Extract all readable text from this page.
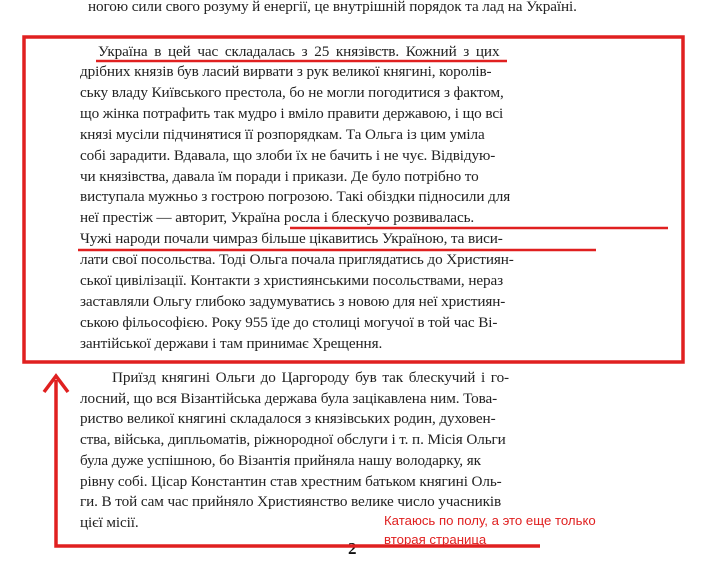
ногою сили свого розуму й енергії, це внутрішній порядок та лад на Україні.
Україна в цей час складалась з 25 князівств. Кожний з цих
дрібних князів був ласий вирвати з рук великої княгині, королів-
ську владу Київського престола, бо не могли погодитися з фактом,
що жінка потрафить так мудро і вміло правити державою, і що всі
князі мусіли підчинятися її розпорядкам. Та Ольга із цим уміла
собі зарадити. Вдавала, що злоби їх не бачить і не чує. Відвідую-
чи князівства, давала їм поради і прикази. Де було потрібно то
виступала мужньо з гострою погрозою. Такі обіздки підносили для
неї престіж — авторит, Україна росла і блескучо розвивалась.
Чужі народи почали чимраз більше цікавитись Україною, та виси-
лати свої посольства. Тоді Ольга почала приглядатись до Християн-
ської цивілізації. Контакти з християнськими посольствами, нераз
заставляли Ольгу глибоко задумуватись з новою для неї християн-
ською фільософією. Року 955 їде до столиці могучої в той час Ві-
зантійської держави і там принимає Хрещення.
Приїзд княгині Ольги до Царгороду був так блескучий і го-
лосний, що вся Візантійська держава була зацікавлена ним. Това-
риство великої княгині складалося з князівських родин, духовен-
ства, війська, дипльоматів, ріжнородної обслуги і т. п. Місія Ольги
була дуже успішною, бо Візантія прийняла нашу володарку, як
рівну собі. Цісар Константин став хрестним батьком княгині Оль-
ги. В той сам час прийняло Християнство велике число учасників
цієї місії.
2
Катаюсь по полу, а это еще только
вторая страница
